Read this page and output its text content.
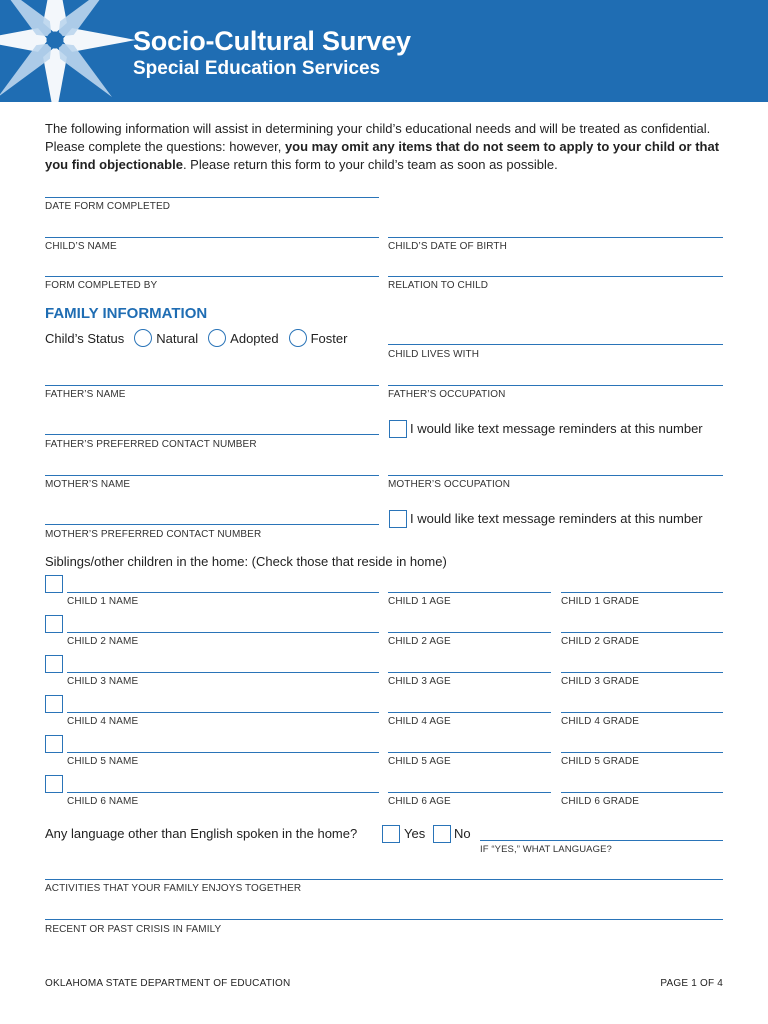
Socio-Cultural Survey
Special Education Services
The following information will assist in determining your child’s educational needs and will be treated as confidential. Please complete the questions: however, you may omit any items that do not seem to apply to your child or that you find objectionable. Please return this form to your child’s team as soon as possible.
DATE FORM COMPLETED
CHILD’S NAME	CHILD’S DATE OF BIRTH
FORM COMPLETED BY	RELATION TO CHILD
FAMILY INFORMATION
Child’s Status Natural Adopted Foster
CHILD LIVES WITH
FATHER’S NAME	FATHER’S OCCUPATION
FATHER’S PREFERRED CONTACT NUMBER
I would like text message reminders at this number
MOTHER’S NAME	MOTHER’S OCCUPATION
MOTHER’S PREFERRED CONTACT NUMBER
I would like text message reminders at this number
Siblings/other children in the home: (Check those that reside in home)
CHILD 1 NAME	CHILD 1 AGE	CHILD 1 GRADE
CHILD 2 NAME	CHILD 2 AGE	CHILD 2 GRADE
CHILD 3 NAME	CHILD 3 AGE	CHILD 3 GRADE
CHILD 4 NAME	CHILD 4 AGE	CHILD 4 GRADE
CHILD 5 NAME	CHILD 5 AGE	CHILD 5 GRADE
CHILD 6 NAME	CHILD 6 AGE	CHILD 6 GRADE
Any language other than English spoken in the home?	Yes No
IF “YES,” WHAT LANGUAGE?
ACTIVITIES THAT YOUR FAMILY ENJOYS TOGETHER
RECENT OR PAST CRISIS IN FAMILY
OKLAHOMA STATE DEPARTMENT OF EDUCATION	PAGE 1 OF 4
